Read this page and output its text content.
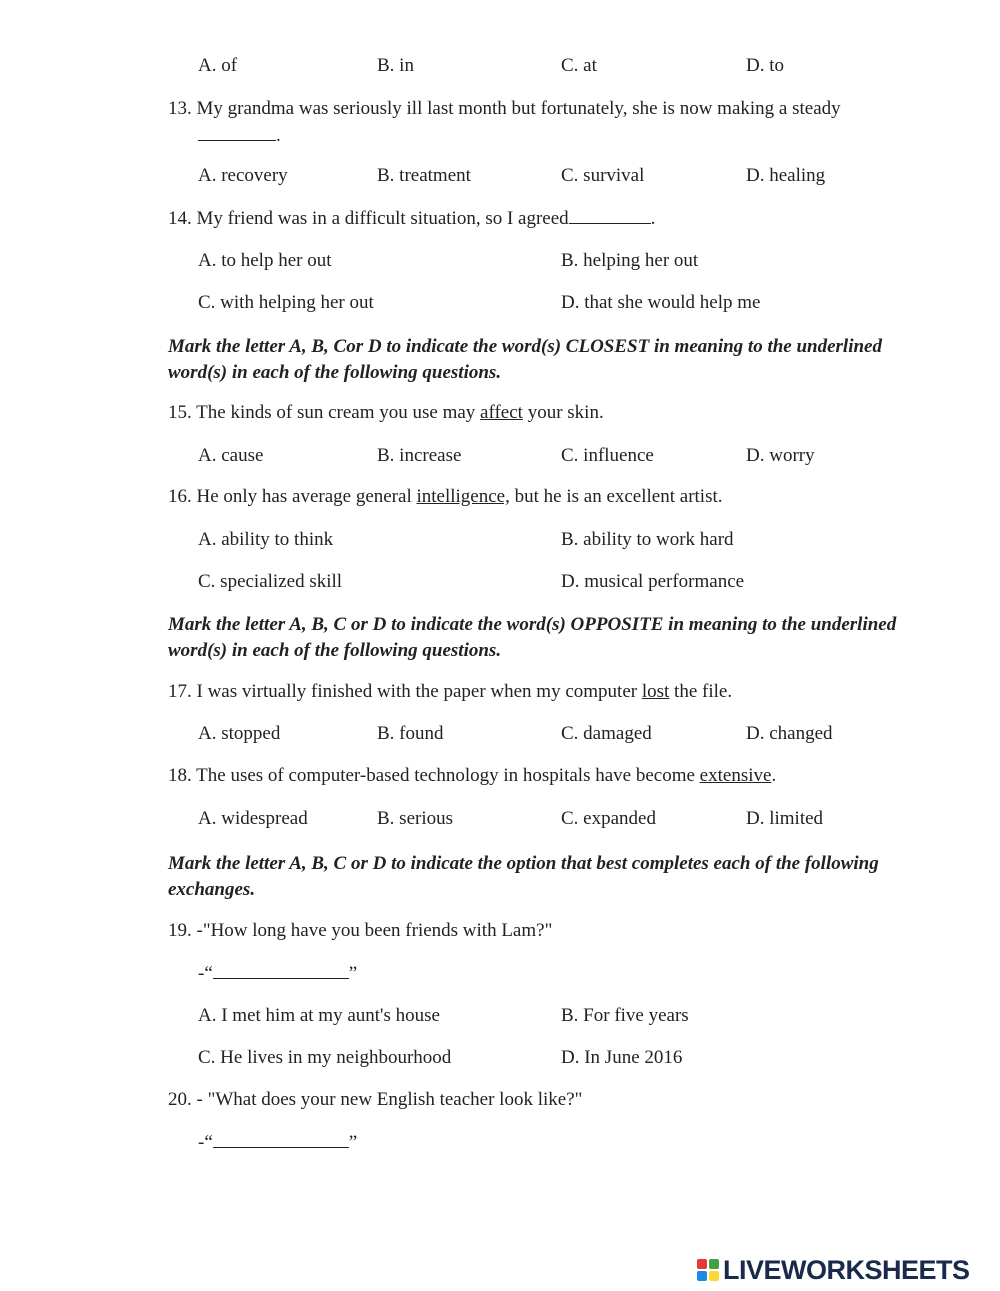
A. of	B. in	C. at	D. to
13. My grandma was seriously ill last month but fortunately, she is now making a steady
.
A. recovery	B. treatment	C. survival	D. healing
14. My friend was in a difficult situation, so I agreed	.
A. to help her out	B. helping her out
C. with helping her out	D. that she would help me
Mark the letter A, B, Cor D to indicate the word(s) CLOSEST in meaning to the underlined
word(s) in each of the following questions.
15. The kinds of sun cream you use may affect your skin.
A. cause	B. increase	C. influence	D. worry
16. He only has average general intelligence, but he is an excellent artist.
A. ability to think	B. ability to work hard
C. specialized skill	D. musical performance
Mark the letter A, B, C or D to indicate the word(s) OPPOSITE in meaning to the underlined
word(s) in each of the following questions.
17. I was virtually finished with the paper when my computer lost the file.
A. stopped	B. found	C. damaged	D. changed
18. The uses of computer-based technology in hospitals have become extensive.
A. widespread	B. serious	C. expanded	D. limited
Mark the letter A, B, C or D to indicate the option that best completes each of the following
exchanges.
19. -"How long have you been friends with Lam?"
-“	”
A. I met him at my aunt's house	B. For five years
C. He lives in my neighbourhood	D. In June 2016
20. - "What does your new English teacher look like?"
-“	”
LIVEWORKSHEETS
